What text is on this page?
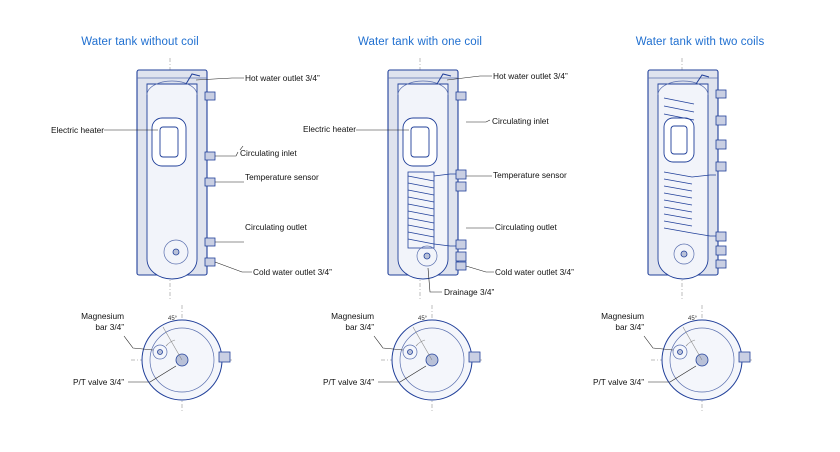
Water tank without coil
Hot water outlet 3/4”
Electric heater
Circulating inlet
Temperature sensor
Circulating outlet
Cold water outlet 3/4”
45°
Magnesium
bar 3/4”
P/T valve 3/4”
Water tank with one coil
Hot water outlet 3/4”
Electric heater
Circulating inlet
Temperature sensor
Circulating outlet
Cold water outlet 3/4”
Drainage 3/4”
45°
Magnesium
bar 3/4”
P/T valve 3/4”
Water tank with two coils
45°
Magnesium
bar 3/4”
P/T valve 3/4”
